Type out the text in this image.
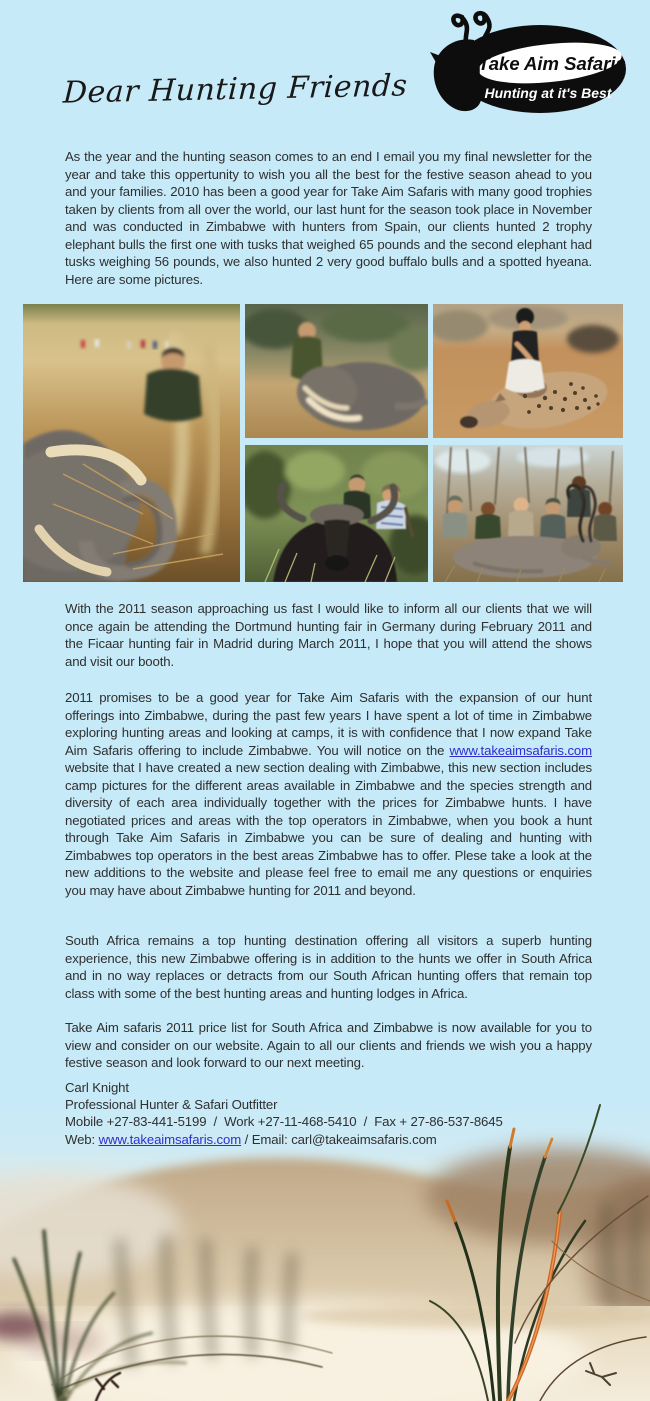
Dear Hunting Friends
Take Aim Safaris
Hunting at it's Best

As the year and the hunting season comes to an end I email you my final newsletter for the year and take this oppertunity to wish you all the best for the festive season ahead to you and your families. 2010 has been a good year for Take Aim Safaris with many good trophies taken by clients from all over the world, our last hunt for the season took place in November and was conducted in Zimbabwe with hunters from Spain, our clients hunted 2 trophy elephant bulls the first one with tusks that weighed 65 pounds and the second elephant had tusks weighing 56 pounds, we also hunted 2 very good buffalo bulls and a spotted hyeana. Here are some pictures.

With the 2011 season approaching us fast I would like to inform all our clients that we will once again be attending the Dortmund hunting fair in Germany during February 2011 and the Ficaar hunting fair in Madrid during March 2011, I hope that you will attend the shows and visit our booth.

2011 promises to be a good year for Take Aim Safaris with the expansion of our hunt offerings into Zimbabwe, during the past few years I have spent a lot of time in Zimbabwe exploring hunting areas and looking at camps, it is with confidence that I now expand Take Aim Safaris offering to include Zimbabwe. You will notice on the www.takeaimsafaris.com website that I have created a new section dealing with Zimbabwe, this new section includes camp pictures for the different areas available in Zimbabwe and the species strength and diversity of each area individually together with the prices for Zimbabwe hunts. I have negotiated prices and areas with the top operators in Zimbabwe, when you book a hunt through Take Aim Safaris in Zimbabwe you can be sure of dealing and hunting with Zimbabwes top operators in the best areas Zimbabwe has to offer. Plese take a look at the new additions to the website and please feel free to email me any questions or enquiries you may have about Zimbabwe hunting for 2011 and beyond.

South Africa remains a top hunting destination offering all visitors a superb hunting experience, this new Zimbabwe offering is in addition to the hunts we offer in South Africa and in no way replaces or detracts from our South African hunting offers that remain top class with some of the best hunting areas and hunting lodges in Africa.

Take Aim safaris 2011 price list for South Africa and Zimbabwe is now available for you to view and consider on our website. Again to all our clients and friends we wish you a happy festive season and look forward to our next meeting.

Carl Knight

Professional Hunter & Safari Outfitter

Mobile +27-83-441-5199  /  Work +27-11-468-5410  /  Fax + 27-86-537-8645

Web: www.takeaimsafaris.com / Email: carl@takeaimsafaris.com
